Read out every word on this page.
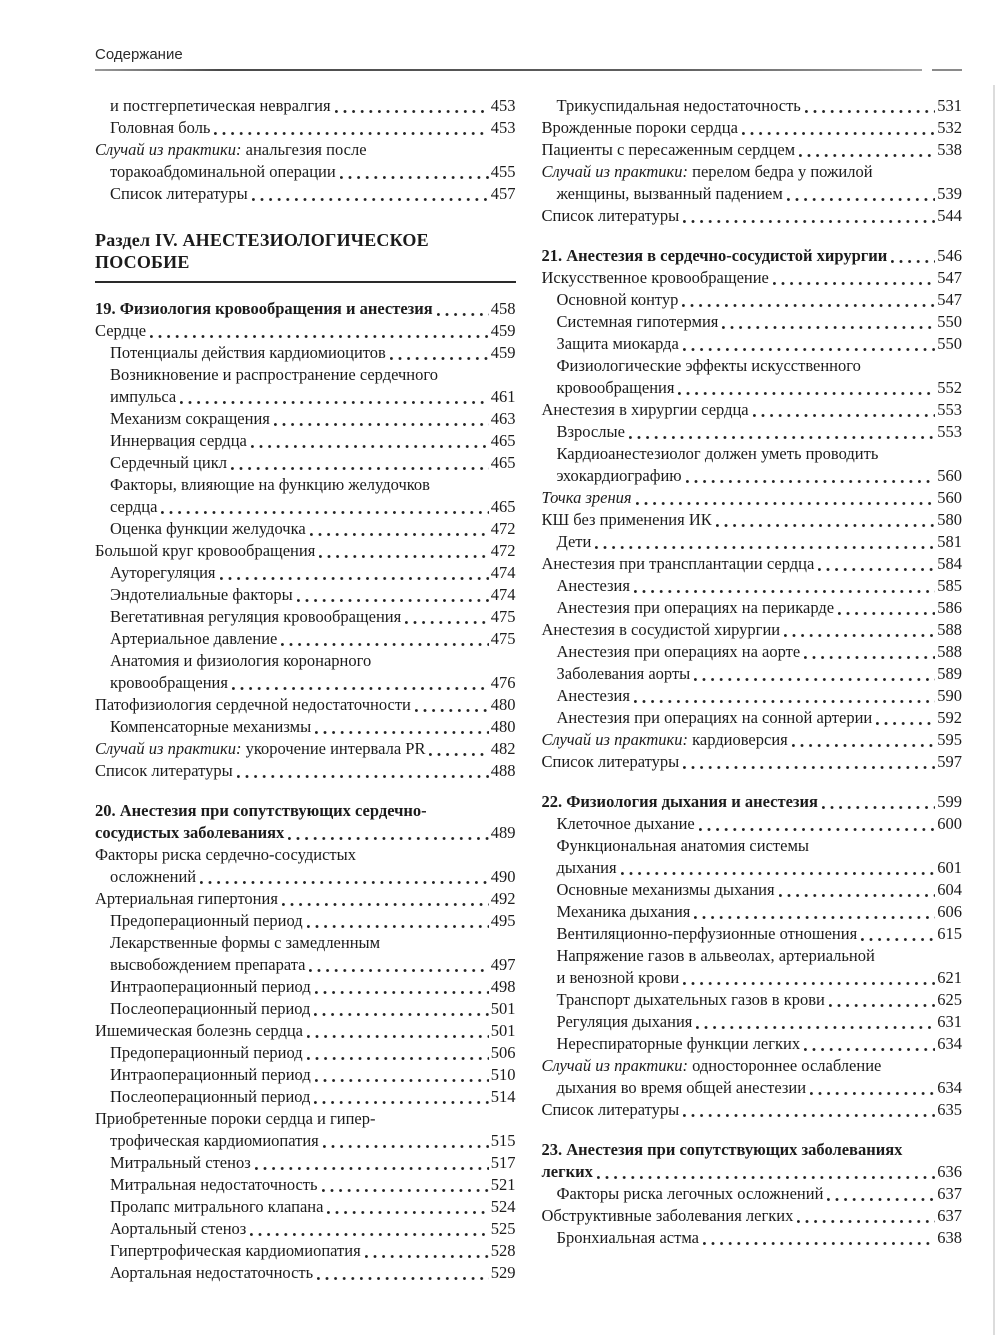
Содержание
и постгерпетическая невралгия	453
Головная боль	453
Случай из практики: анальгезия после
торакоабдоминальной операции	455
Список литературы	457
Раздел IV. АНЕСТЕЗИОЛОГИЧЕСКОЕ ПОСОБИЕ
19. Физиология кровообращения и анестезия	458
Сердце	459
Потенциалы действия кардиомиоцитов	459
Возникновение и распространение сердечного
импульса	461
Механизм сокращения	463
Иннервация сердца	465
Сердечный цикл	465
Факторы, влияющие на функцию желудочков
сердца	465
Оценка функции желудочка	472
Большой круг кровообращения	472
Ауторегуляция	474
Эндотелиальные факторы	474
Вегетативная регуляция кровообращения	475
Артериальное давление	475
Анатомия и физиология коронарного
кровообращения	476
Патофизиология сердечной недостаточности	480
Компенсаторные механизмы	480
Случай из практики: укорочение интервала PR	482
Список литературы	488
20. Анестезия при сопутствующих сердечно-
сосудистых заболеваниях	489
Факторы риска сердечно-сосудистых
осложнений	490
Артериальная гипертония	492
Предоперационный период	495
Лекарственные формы с замедленным
высвобождением препарата	497
Интраоперационный период	498
Послеоперационный период	501
Ишемическая болезнь сердца	501
Предоперационный период	506
Интраоперационный период	510
Послеоперационный период	514
Приобретенные пороки сердца и гипер-
трофическая кардиомиопатия	515
Митральный стеноз	517
Митральная недостаточность	521
Пролапс митрального клапана	524
Аортальный стеноз	525
Гипертрофическая кардиомиопатия	528
Аортальная недостаточность	529
Трикуспидальная недостаточность	531
Врожденные пороки сердца	532
Пациенты с пересаженным сердцем	538
Случай из практики: перелом бедра у пожилой
женщины, вызванный падением	539
Список литературы	544
21. Анестезия в сердечно-сосудистой хирургии	546
Искусственное кровообращение	547
Основной контур	547
Системная гипотермия	550
Защита миокарда	550
Физиологические эффекты искусственного
кровообращения	552
Анестезия в хирургии сердца	553
Взрослые	553
Кардиоанестезиолог должен уметь проводить
эхокардиографию	560
Точка зрения	560
КШ без применения ИК	580
Дети	581
Анестезия при трансплантации сердца	584
Анестезия	585
Анестезия при операциях на перикарде	586
Анестезия в сосудистой хирургии	588
Анестезия при операциях на аорте	588
Заболевания аорты	589
Анестезия	590
Анестезия при операциях на сонной артерии	592
Случай из практики: кардиоверсия	595
Список литературы	597
22. Физиология дыхания и анестезия	599
Клеточное дыхание	600
Функциональная анатомия системы
дыхания	601
Основные механизмы дыхания	604
Механика дыхания	606
Вентиляционно-перфузионные отношения	615
Напряжение газов в альвеолах, артериальной
и венозной крови	621
Транспорт дыхательных газов в крови	625
Регуляция дыхания	631
Нереспираторные функции легких	634
Случай из практики: одностороннее ослабление
дыхания во время общей анестезии	634
Список литературы	635
23. Анестезия при сопутствующих заболеваниях
легких	636
Факторы риска легочных осложнений	637
Обструктивные заболевания легких	637
Бронхиальная астма	638
